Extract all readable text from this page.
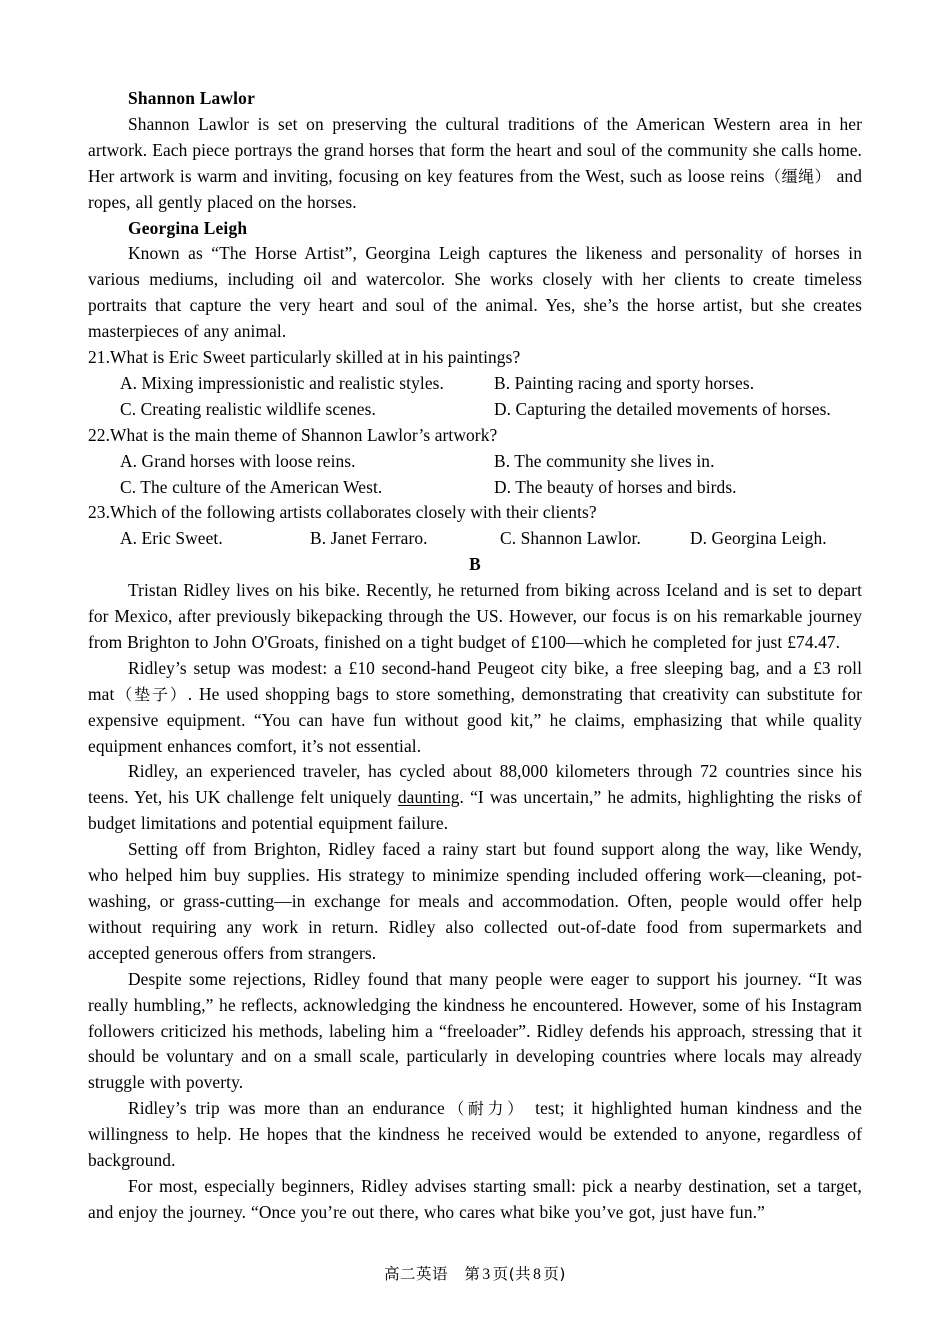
Shannon Lawlor

Shannon Lawlor is set on preserving the cultural traditions of the American Western area in her artwork. Each piece portrays the grand horses that form the heart and soul of the community she calls home. Her artwork is warm and inviting, focusing on key features from the West, such as loose reins（缰绳） and ropes, all gently placed on the horses.

Georgina Leigh

Known as “The Horse Artist”, Georgina Leigh captures the likeness and personality of horses in various mediums, including oil and watercolor. She works closely with her clients to create timeless portraits that capture the very heart and soul of the animal. Yes, she’s the horse artist, but she creates masterpieces of any animal.

21.What is Eric Sweet particularly skilled at in his paintings?

A. Mixing impressionistic and realistic styles.	B. Painting racing and sporty horses.
C. Creating realistic wildlife scenes.	D. Capturing the detailed movements of horses.

22.What is the main theme of Shannon Lawlor’s artwork?

A. Grand horses with loose reins.	B. The community she lives in.
C. The culture of the American West.	D. The beauty of horses and birds.

23.Which of the following artists collaborates closely with their clients?

A. Eric Sweet.	B. Janet Ferraro.	C. Shannon Lawlor.	D. Georgina Leigh.

B

Tristan Ridley lives on his bike. Recently, he returned from biking across Iceland and is set to depart for Mexico, after previously bikepacking through the US. However, our focus is on his remarkable journey from Brighton to John O'Groats, finished on a tight budget of £100—which he completed for just £74.47.

Ridley’s setup was modest: a £10 second-hand Peugeot city bike, a free sleeping bag, and a £3 roll mat（垫子）. He used shopping bags to store something, demonstrating that creativity can substitute for expensive equipment. “You can have fun without good kit,” he claims, emphasizing that while quality equipment enhances comfort, it’s not essential.

Ridley, an experienced traveler, has cycled about 88,000 kilometers through 72 countries since his teens. Yet, his UK challenge felt uniquely daunting. “I was uncertain,” he admits, highlighting the risks of budget limitations and potential equipment failure.

Setting off from Brighton, Ridley faced a rainy start but found support along the way, like Wendy, who helped him buy supplies. His strategy to minimize spending included offering work—cleaning, pot-washing, or grass-cutting—in exchange for meals and accommodation. Often, people would offer help without requiring any work in return. Ridley also collected out-of-date food from supermarkets and accepted generous offers from strangers.

Despite some rejections, Ridley found that many people were eager to support his journey. “It was really humbling,” he reflects, acknowledging the kindness he encountered. However, some of his Instagram followers criticized his methods, labeling him a “freeloader”. Ridley defends his approach, stressing that it should be voluntary and on a small scale, particularly in developing countries where locals may already struggle with poverty.

Ridley’s trip was more than an endurance（耐力） test; it highlighted human kindness and the willingness to help. He hopes that the kindness he received would be extended to anyone, regardless of background.

For most, especially beginners, Ridley advises starting small: pick a nearby destination, set a target, and enjoy the journey. “Once you’re out there, who cares what bike you’ve got, just have fun.”

高二英语 第 3 页(共 8 页)
